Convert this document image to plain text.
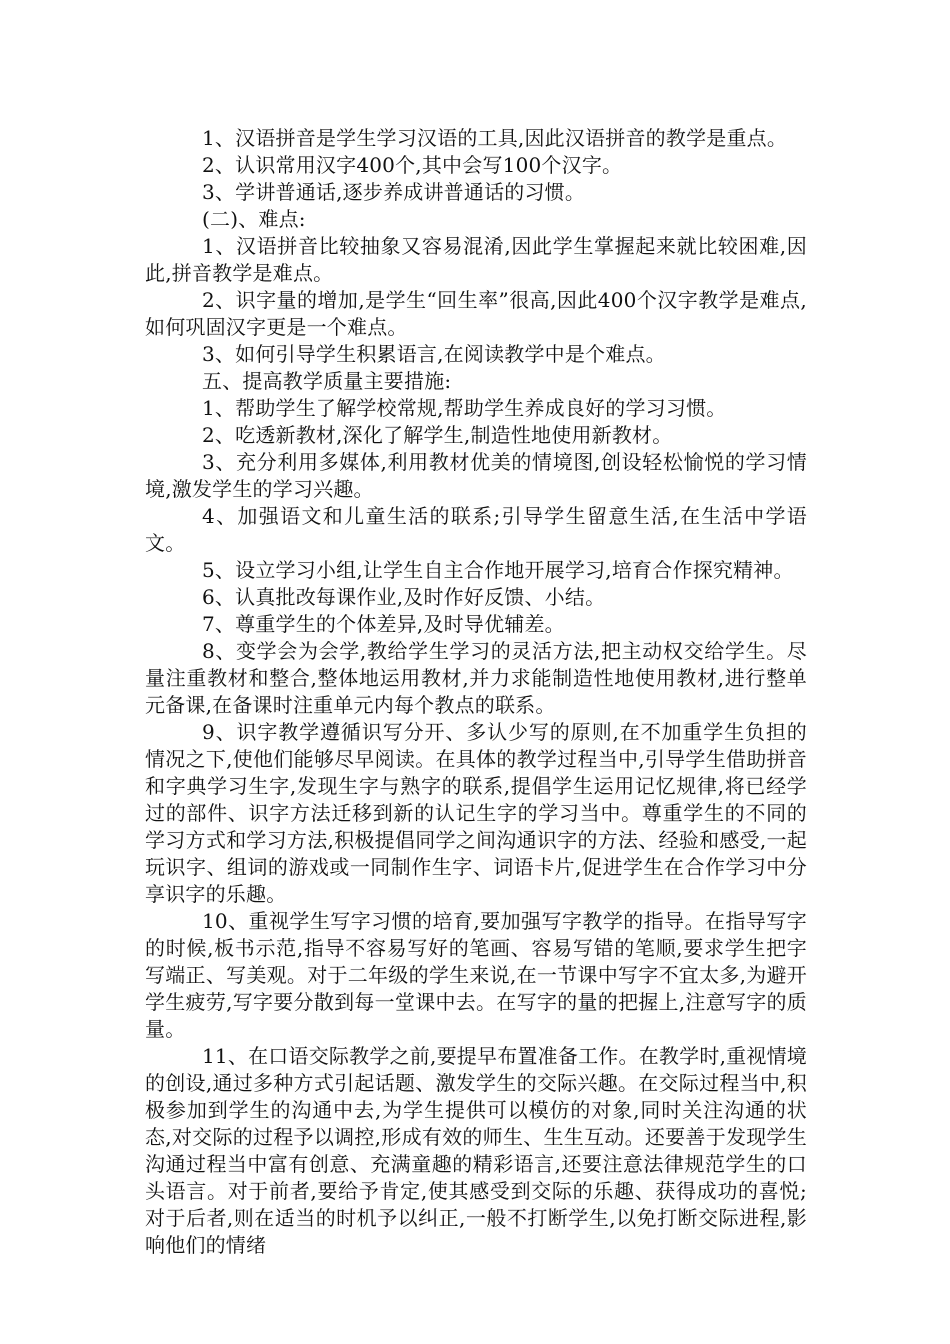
1、汉语拼音是学生学习汉语的工具,因此汉语拼音的教学是重点。

2、认识常用汉字400个,其中会写100个汉字。

3、学讲普通话,逐步养成讲普通话的习惯。

(二)、难点:

1、汉语拼音比较抽象又容易混淆,因此学生掌握起来就比较困难,因此,拼音教学是难点。

2、识字量的增加,是学生“回生率”很高,因此400个汉字教学是难点,如何巩固汉字更是一个难点。

3、如何引导学生积累语言,在阅读教学中是个难点。

五、提高教学质量主要措施:

1、帮助学生了解学校常规,帮助学生养成良好的学习习惯。

2、吃透新教材,深化了解学生,制造性地使用新教材。

3、充分利用多媒体,利用教材优美的情境图,创设轻松愉悦的学习情境,激发学生的学习兴趣。

4、加强语文和儿童生活的联系;引导学生留意生活,在生活中学语文。

5、设立学习小组,让学生自主合作地开展学习,培育合作探究精神。

6、认真批改每课作业,及时作好反馈、小结。

7、尊重学生的个体差异,及时导优辅差。

8、变学会为会学,教给学生学习的灵活方法,把主动权交给学生。尽量注重教材和整合,整体地运用教材,并力求能制造性地使用教材,进行整单元备课,在备课时注重单元内每个教点的联系。

9、识字教学遵循识写分开、多认少写的原则,在不加重学生负担的情况之下,使他们能够尽早阅读。在具体的教学过程当中,引导学生借助拼音和字典学习生字,发现生字与熟字的联系,提倡学生运用记忆规律,将已经学过的部件、识字方法迁移到新的认记生字的学习当中。尊重学生的不同的学习方式和学习方法,积极提倡同学之间沟通识字的方法、经验和感受,一起玩识字、组词的游戏或一同制作生字、词语卡片,促进学生在合作学习中分享识字的乐趣。

10、重视学生写字习惯的培育,要加强写字教学的指导。在指导写字的时候,板书示范,指导不容易写好的笔画、容易写错的笔顺,要求学生把字写端正、写美观。对于二年级的学生来说,在一节课中写字不宜太多,为避开学生疲劳,写字要分散到每一堂课中去。在写字的量的把握上,注意写字的质量。

11、在口语交际教学之前,要提早布置准备工作。在教学时,重视情境的创设,通过多种方式引起话题、激发学生的交际兴趣。在交际过程当中,积极参加到学生的沟通中去,为学生提供可以模仿的对象,同时关注沟通的状态,对交际的过程予以调控,形成有效的师生、生生互动。还要善于发现学生沟通过程当中富有创意、充满童趣的精彩语言,还要注意法律规范学生的口头语言。对于前者,要给予肯定,使其感受到交际的乐趣、获得成功的喜悦;对于后者,则在适当的时机予以纠正,一般不打断学生,以免打断交际进程,影响他们的情绪
